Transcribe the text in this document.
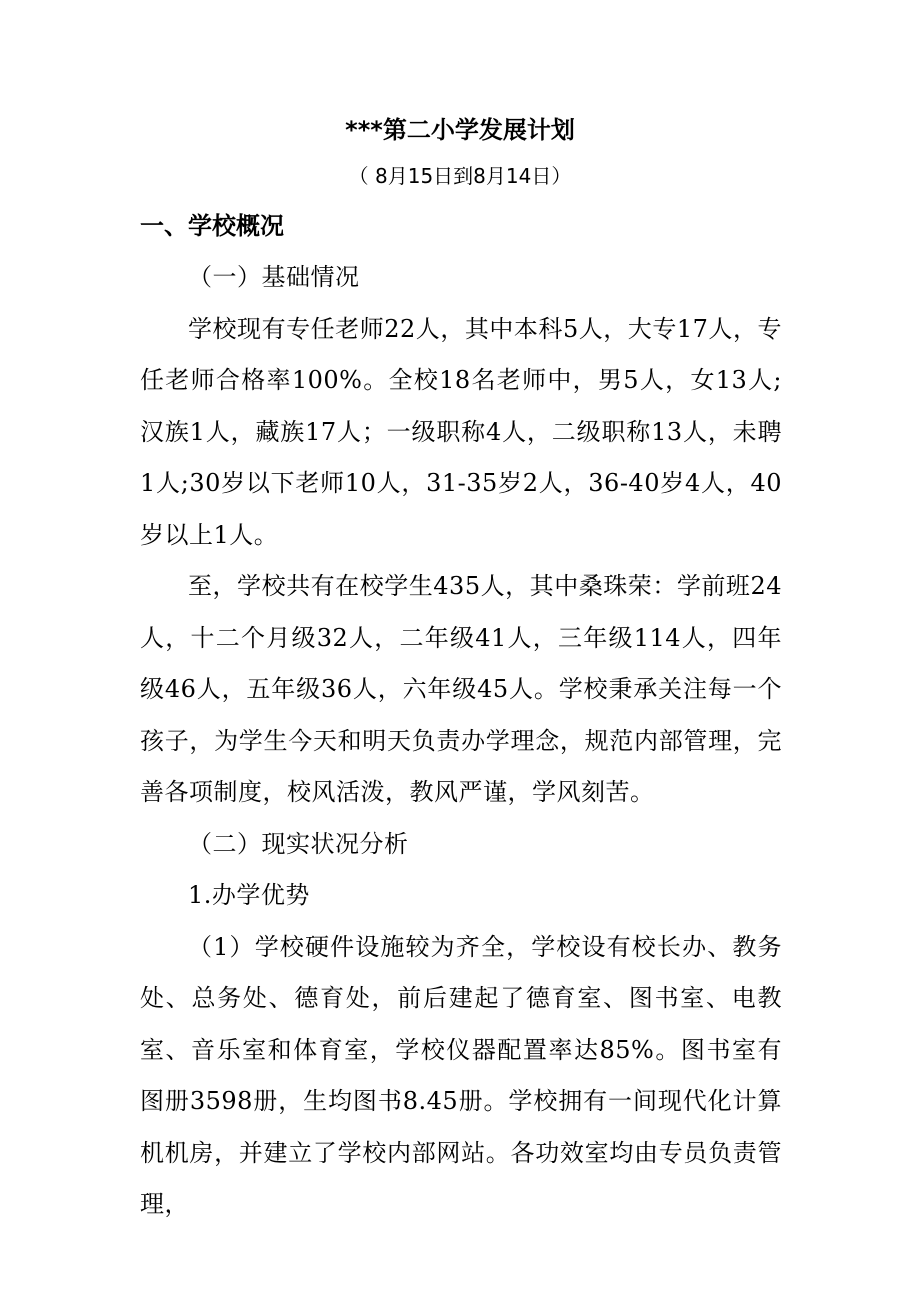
***第二小学发展计划
（ 8月15日到8月14日）
一、学校概况

（一）基础情况

学校现有专任老师22人，其中本科5人，大专17人，专任老师合格率100%。全校18名老师中，男5人，女13人;汉族1人，藏族17人；一级职称4人，二级职称13人，未聘1人;30岁以下老师10人，31-35岁2人，36-40岁4人，40岁以上1人。

至，学校共有在校学生435人，其中桑珠荣：学前班24人，十二个月级32人，二年级41人，三年级114人，四年级46人，五年级36人，六年级45人。学校秉承关注每一个孩子，为学生今天和明天负责办学理念，规范内部管理，完善各项制度，校风活泼，教风严谨，学风刻苦。

（二）现实状况分析

1.办学优势

（1）学校硬件设施较为齐全，学校设有校长办、教务处、总务处、德育处，前后建起了德育室、图书室、电教室、音乐室和体育室，学校仪器配置率达85%。图书室有图册3598册，生均图书8.45册。学校拥有一间现代化计算机机房，并建立了学校内部网站。各功效室均由专员负责管理，
